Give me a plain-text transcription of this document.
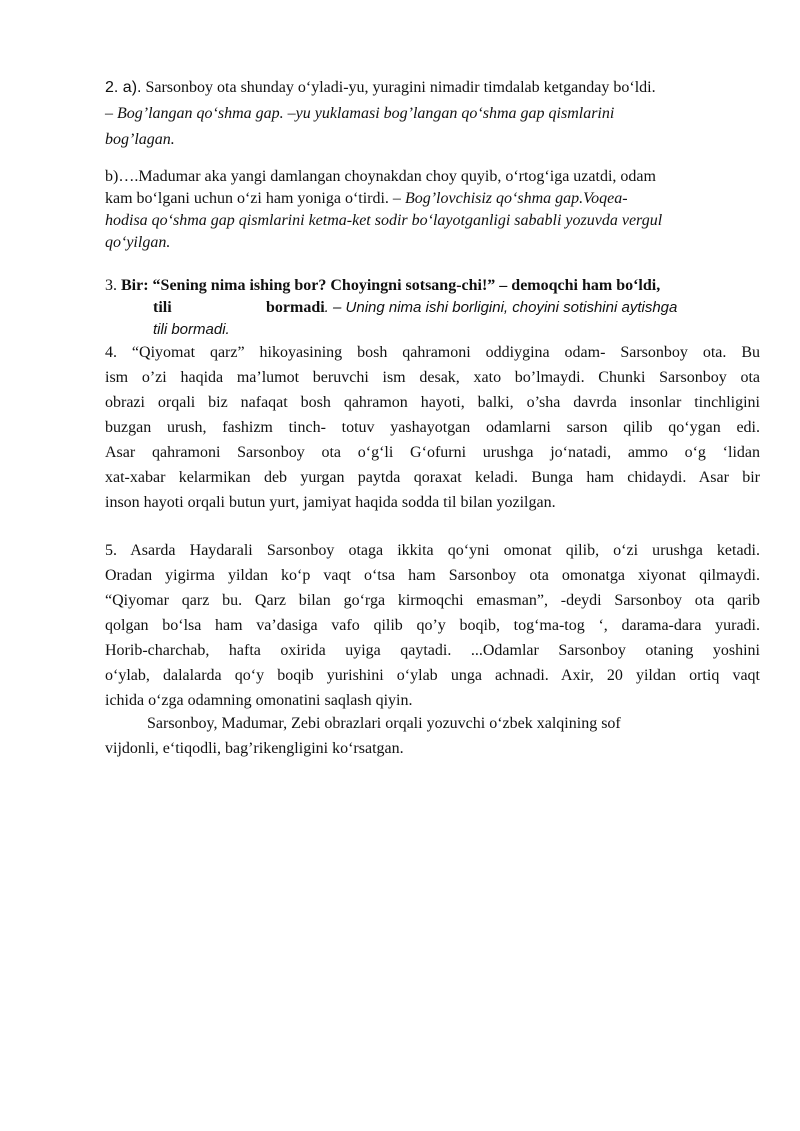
2. a). Sarsonboy ota shunday o‘yladi-yu, yuragini nimadir timdalab ketganday bo‘ldi.
– Bog’langan qo‘shma gap. –yu yuklamasi bog’langan qo‘shma gap qismlarini
bog’lagan.
b)….Madumar aka yangi damlangan choynakdan choy quyib, o‘rtog‘iga uzatdi, odam
kam bo‘lgani uchun o‘zi ham yoniga o‘tirdi. – Bog’lovchisiz qo‘shma gap.Voqea-
hodisa qo‘shma gap qismlarini ketma-ket sodir bo‘layotganligi sababli yozuvda vergul
qo‘yilgan.
3. Bir: “Sening nima ishing bor? Choyingni sotsang-chi!” – demoqchi ham bo‘ldi,
tili	bormadi. – Uning nima ishi borligini, choyini sotishini aytishga
tili bormadi.
4. “Qiyomat qarz” hikoyasining bosh qahramoni oddiygina odam- Sarsonboy ota. Bu
ism o’zi haqida ma’lumot beruvchi ism desak, xato bo’lmaydi. Chunki Sarsonboy ota
obrazi orqali biz nafaqat bosh qahramon hayoti, balki, o’sha davrda insonlar tinchligini
buzgan urush, fashizm tinch- totuv yashayotgan odamlarni sarson qilib qo‘ygan edi.
Asar qahramoni Sarsonboy ota o‘g‘li G‘ofurni urushga jo‘natadi, ammo o‘g ‘lidan
xat-xabar kelarmikan deb yurgan paytda qoraxat keladi. Bunga ham chidaydi. Asar bir
inson hayoti orqali butun yurt, jamiyat haqida sodda til bilan yozilgan.
5. Asarda Haydarali Sarsonboy otaga ikkita qo‘yni omonat qilib, o‘zi urushga ketadi.
Oradan yigirma yildan ko‘p vaqt o‘tsa ham Sarsonboy ota omonatga xiyonat qilmaydi.
“Qiyomar qarz bu. Qarz bilan go‘rga kirmoqchi emasman”, -deydi Sarsonboy ota qarib
qolgan bo‘lsa ham va’dasiga vafo qilib qo’y boqib, tog‘ma-tog ‘, darama-dara yuradi.
Horib-charchab, hafta oxirida uyiga qaytadi. ...Odamlar Sarsonboy otaning yoshini
o‘ylab, dalalarda qo‘y boqib yurishini o‘ylab unga achnadi. Axir, 20 yildan ortiq vaqt
ichida o‘zga odamning omonatini saqlash qiyin.
Sarsonboy, Madumar, Zebi obrazlari orqali yozuvchi o‘zbek xalqining sof
vijdonli, e‘tiqodli, bag’rikengligini ko‘rsatgan.
